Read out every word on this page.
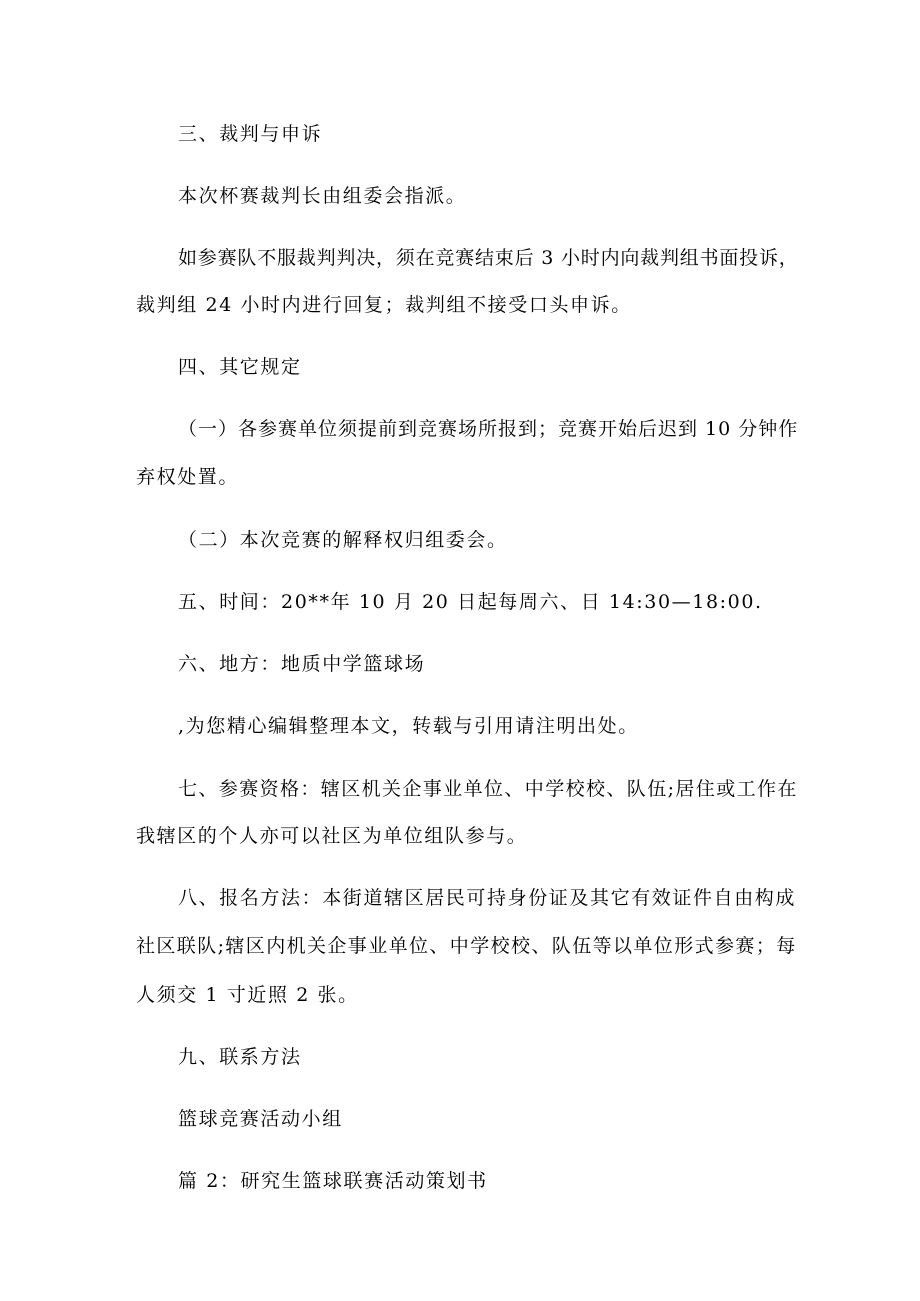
三、裁判与申诉

本次杯赛裁判长由组委会指派。

如参赛队不服裁判判决，须在竞赛结束后 3 小时内向裁判组书面投诉，

裁判组 24 小时内进行回复；裁判组不接受口头申诉。

四、其它规定

（一）各参赛单位须提前到竞赛场所报到；竞赛开始后迟到 10 分钟作

弃权处置。

（二）本次竞赛的解释权归组委会。

五、时间：20**年 10 月 20 日起每周六、日 14:30—18:00.

六、地方：地质中学篮球场

,为您精心编辑整理本文，转载与引用请注明出处。

七、参赛资格：辖区机关企事业单位、中学校校、队伍;居住或工作在

我辖区的个人亦可以社区为单位组队参与。

八、报名方法：本街道辖区居民可持身份证及其它有效证件自由构成

社区联队;辖区内机关企事业单位、中学校校、队伍等以单位形式参赛；每

人须交 1 寸近照 2 张。

九、联系方法

篮球竞赛活动小组

篇 2：研究生篮球联赛活动策划书
